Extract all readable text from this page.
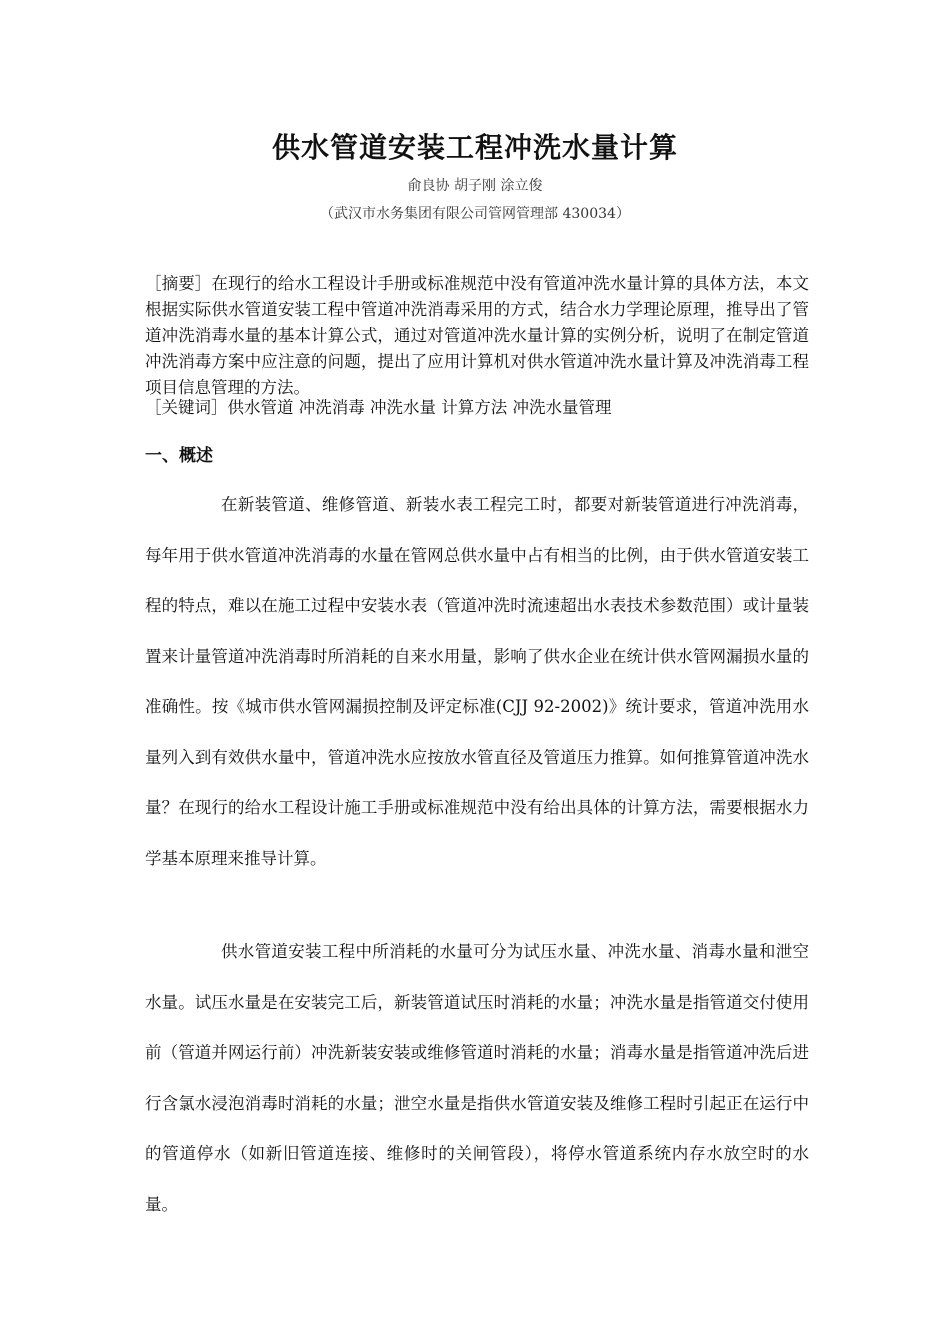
供水管道安装工程冲洗水量计算
俞良协 胡子刚 涂立俊
（武汉市水务集团有限公司管网管理部 430034）
［摘要］在现行的给水工程设计手册或标准规范中没有管道冲洗水量计算的具体方法，本文根据实际供水管道安装工程中管道冲洗消毒采用的方式，结合水力学理论原理，推导出了管道冲洗消毒水量的基本计算公式，通过对管道冲洗水量计算的实例分析，说明了在制定管道冲洗消毒方案中应注意的问题，提出了应用计算机对供水管道冲洗水量计算及冲洗消毒工程项目信息管理的方法。
［关键词］供水管道 冲洗消毒 冲洗水量 计算方法 冲洗水量管理
一、概述
在新装管道、维修管道、新装水表工程完工时，都要对新装管道进行冲洗消毒，每年用于供水管道冲洗消毒的水量在管网总供水量中占有相当的比例，由于供水管道安装工程的特点，难以在施工过程中安装水表（管道冲洗时流速超出水表技术参数范围）或计量装置来计量管道冲洗消毒时所消耗的自来水用量，影响了供水企业在统计供水管网漏损水量的准确性。按《城市供水管网漏损控制及评定标准(CJJ 92-2002)》统计要求，管道冲洗用水量列入到有效供水量中，管道冲洗水应按放水管直径及管道压力推算。如何推算管道冲洗水量？在现行的给水工程设计施工手册或标准规范中没有给出具体的计算方法，需要根据水力学基本原理来推导计算。
供水管道安装工程中所消耗的水量可分为试压水量、冲洗水量、消毒水量和泄空水量。试压水量是在安装完工后，新装管道试压时消耗的水量；冲洗水量是指管道交付使用前（管道并网运行前）冲洗新装安装或维修管道时消耗的水量；消毒水量是指管道冲洗后进行含氯水浸泡消毒时消耗的水量；泄空水量是指供水管道安装及维修工程时引起正在运行中的管道停水（如新旧管道连接、维修时的关闸管段），将停水管道系统内存水放空时的水量。
